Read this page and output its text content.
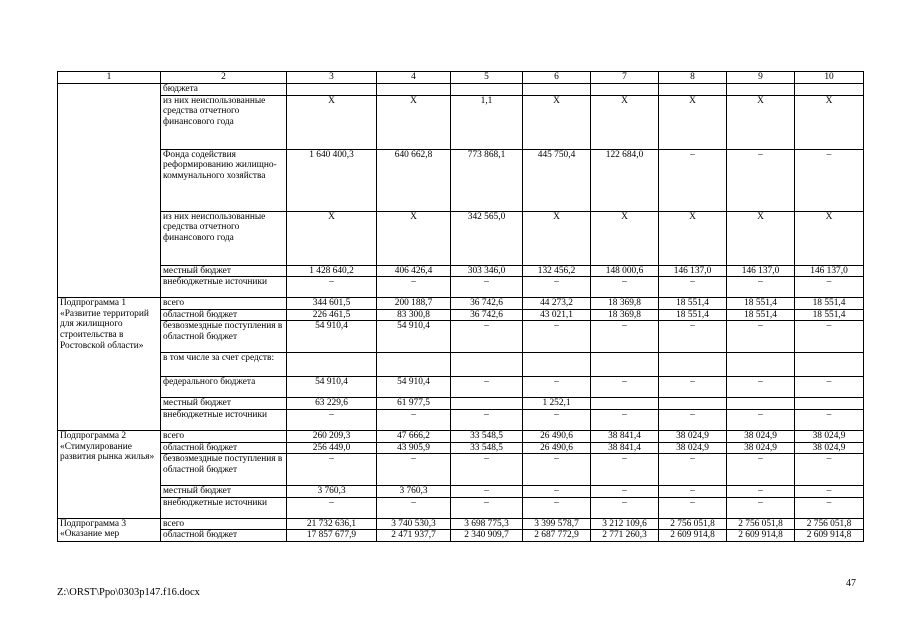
1	2	3	4	5	6	7	8	9	10
	бюджета								
	из них неиспользованные средства отчетного финансового года	X	X	1,1	X	X	X	X	X
	Фонда содействия реформированию жилищно-коммунального хозяйства	1 640 400,3	640 662,8	773 868,1	445 750,4	122 684,0	–	–	–
	из них неиспользованные средства отчетного финансового года	X	X	342 565,0	X	X	X	X	X
	местный бюджет	1 428 640,2	406 426,4	303 346,0	132 456,2	148 000,6	146 137,0	146 137,0	146 137,0
	внебюджетные источники	–	–	–	–	–	–	–	–
Подпрограмма 1 «Развитие территорий для жилищного строительства в Ростовской области»	всего	344 601,5	200 188,7	36 742,6	44 273,2	18 369,8	18 551,4	18 551,4	18 551,4
	областной бюджет	226 461,5	83 300,8	36 742,6	43 021,1	18 369,8	18 551,4	18 551,4	18 551,4
	безвозмездные поступления в областной бюджет	54 910,4	54 910,4	–	–	–	–	–	–
	в том числе за счет средств:								
	федерального бюджета	54 910,4	54 910,4	–	–	–	–	–	–
	местный бюджет	63 229,6	61 977,5		1 252,1				
	внебюджетные источники	–	–	–	–	–	–	–	–
Подпрограмма 2 «Стимулирование развития рынка жилья»	всего	260 209,3	47 666,2	33 548,5	26 490,6	38 841,4	38 024,9	38 024,9	38 024,9
	областной бюджет	256 449,0	43 905,9	33 548,5	26 490,6	38 841,4	38 024,9	38 024,9	38 024,9
	безвозмездные поступления в областной бюджет	–	–	–	–	–	–	–	–
	местный бюджет	3 760,3	3 760,3	–	–	–	–	–	–
	внебюджетные источники	–	–	–	–	–	–	–	–
Подпрограмма 3 «Оказание мер	всего	21 732 636,1	3 740 530,3	3 698 775,3	3 399 578,7	3 212 109,6	2 756 051,8	2 756 051,8	2 756 051,8
	областной бюджет	17 857 677,9	2 471 937,7	2 340 909,7	2 687 772,9	2 771 260,3	2 609 914,8	2 609 914,8	2 609 914,8
47
Z:\ORST\Ppo\0303p147.f16.docx
